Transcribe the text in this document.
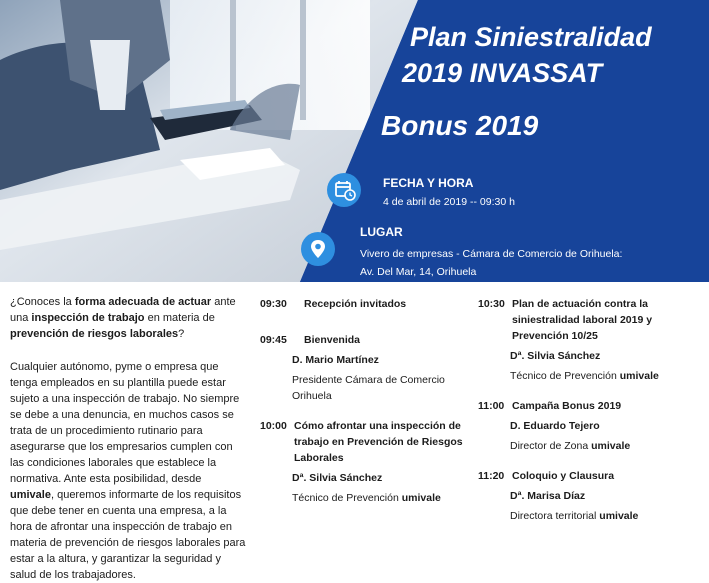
Plan Siniestralidad
2019 INVASSAT
Bonus 2019
FECHA Y HORA
4 de abril de 2019 -- 09:30 h
LUGAR
Vivero de empresas - Cámara de Comercio de Orihuela:
Av. Del Mar, 14, Orihuela

¿Conoces la forma adecuada de actuar ante una inspección de trabajo en materia de prevención de riesgos laborales?

Cualquier autónomo, pyme o empresa que tenga empleados en su plantilla puede estar sujeto a una inspección de trabajo. No siempre se debe a una denuncia, en muchos casos se trata de un procedimiento rutinario para asegurarse que los empresarios cumplen con las condiciones laborales que establece la normativa. Ante esta posibilidad, desde umivale, queremos informarte de los requisitos que debe tener en cuenta una empresa, a la hora de afrontar una inspección de trabajo en materia de prevención de riesgos laborales para estar a la altura, y garantizar la seguridad y salud de los trabajadores.

09:30	Recepción invitados
09:45	Bienvenida
D. Mario Martínez
Presidente Cámara de Comercio Orihuela
10:00 Cómo afrontar una inspección de trabajo en Prevención de Riesgos Laborales
Dª. Silvia Sánchez
Técnico de Prevención umivale
10:30 Plan de actuación contra la siniestralidad laboral 2019 y Prevención 10/25
Dª. Silvia Sánchez
Técnico de Prevención umivale
11:00 Campaña Bonus 2019
D. Eduardo Tejero
Director de Zona umivale
11:20 Coloquio y Clausura
Dª. Marisa Díaz
Directora territorial umivale
